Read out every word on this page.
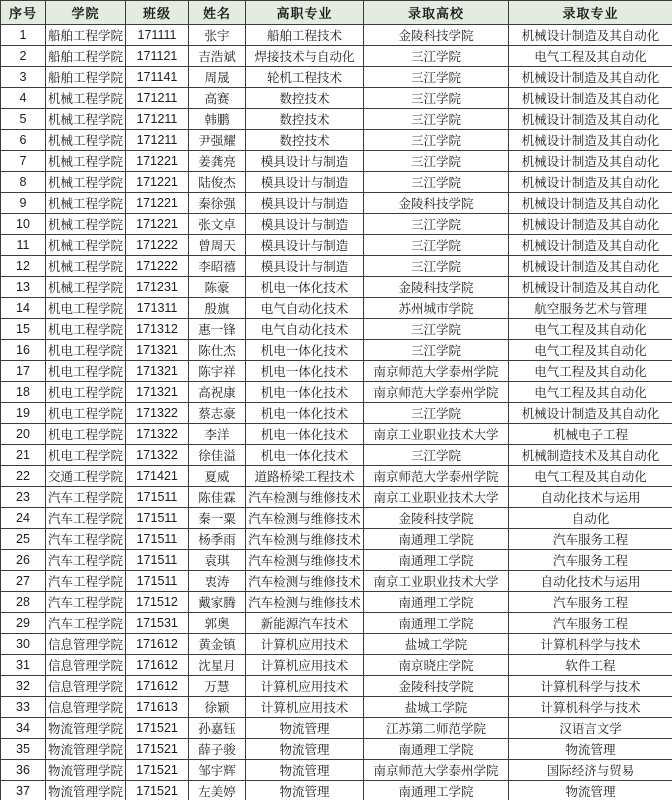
序号	学院	班级	姓名	高职专业	录取高校	录取专业
1	船舶工程学院	171111	张宇	船舶工程技术	金陵科技学院	机械设计制造及其自动化
2	船舶工程学院	171121	吉浩斌	焊接技术与自动化	三江学院	电气工程及其自动化
3	船舶工程学院	171141	周晟	轮机工程技术	三江学院	机械设计制造及其自动化
4	机械工程学院	171211	高赛	数控技术	三江学院	机械设计制造及其自动化
5	机械工程学院	171211	韩鹏	数控技术	三江学院	机械设计制造及其自动化
6	机械工程学院	171211	尹强耀	数控技术	三江学院	机械设计制造及其自动化
7	机械工程学院	171221	姜龚亮	模具设计与制造	三江学院	机械设计制造及其自动化
8	机械工程学院	171221	陆俊杰	模具设计与制造	三江学院	机械设计制造及其自动化
9	机械工程学院	171221	秦徐强	模具设计与制造	金陵科技学院	机械设计制造及其自动化
10	机械工程学院	171221	张文卓	模具设计与制造	三江学院	机械设计制造及其自动化
11	机械工程学院	171222	曾周天	模具设计与制造	三江学院	机械设计制造及其自动化
12	机械工程学院	171222	李昭禧	模具设计与制造	三江学院	机械设计制造及其自动化
13	机械工程学院	171231	陈豪	机电一体化技术	金陵科技学院	机械设计制造及其自动化
14	机电工程学院	171311	殷旗	电气自动化技术	苏州城市学院	航空服务艺术与管理
15	机电工程学院	171312	惠一锋	电气自动化技术	三江学院	电气工程及其自动化
16	机电工程学院	171321	陈仕杰	机电一体化技术	三江学院	电气工程及其自动化
17	机电工程学院	171321	陈宇祥	机电一体化技术	南京师范大学泰州学院	电气工程及其自动化
18	机电工程学院	171321	高祝康	机电一体化技术	南京师范大学泰州学院	电气工程及其自动化
19	机电工程学院	171322	蔡志豪	机电一体化技术	三江学院	机械设计制造及其自动化
20	机电工程学院	171322	李洋	机电一体化技术	南京工业职业技术大学	机械电子工程
21	机电工程学院	171322	徐佳溢	机电一体化技术	三江学院	机械制造技术及其自动化
22	交通工程学院	171421	夏威	道路桥梁工程技术	南京师范大学泰州学院	电气工程及其自动化
23	汽车工程学院	171511	陈佳霖	汽车检测与维修技术	南京工业职业技术大学	自动化技术与运用
24	汽车工程学院	171511	秦一粟	汽车检测与维修技术	金陵科技学院	自动化
25	汽车工程学院	171511	杨季雨	汽车检测与维修技术	南通理工学院	汽车服务工程
26	汽车工程学院	171511	袁琪	汽车检测与维修技术	南通理工学院	汽车服务工程
27	汽车工程学院	171511	衷涛	汽车检测与维修技术	南京工业职业技术大学	自动化技术与运用
28	汽车工程学院	171512	戴家腾	汽车检测与维修技术	南通理工学院	汽车服务工程
29	汽车工程学院	171531	郭奥	新能源汽车技术	南通理工学院	汽车服务工程
30	信息管理学院	171612	黄金镇	计算机应用技术	盐城工学院	计算机科学与技术
31	信息管理学院	171612	沈星月	计算机应用技术	南京晓庄学院	软件工程
32	信息管理学院	171612	万慧	计算机应用技术	金陵科技学院	计算机科学与技术
33	信息管理学院	171613	徐颖	计算机应用技术	盐城工学院	计算机科学与技术
34	物流管理学院	171521	孙嘉钰	物流管理	江苏第二师范学院	汉语言文学
35	物流管理学院	171521	薛子骏	物流管理	南通理工学院	物流管理
36	物流管理学院	171521	邹宇辉	物流管理	南京师范大学泰州学院	国际经济与贸易
37	物流管理学院	171521	左美婷	物流管理	南通理工学院	物流管理
